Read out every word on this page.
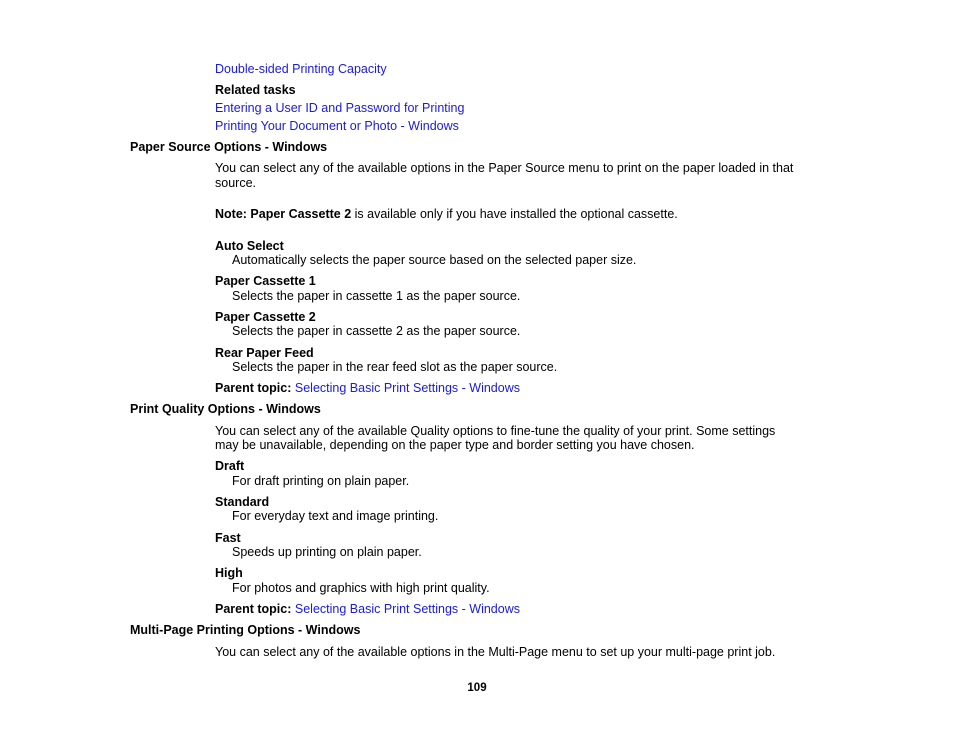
Double-sided Printing Capacity
Related tasks
Entering a User ID and Password for Printing
Printing Your Document or Photo - Windows
Paper Source Options - Windows
You can select any of the available options in the Paper Source menu to print on the paper loaded in that
source.
Note: Paper Cassette 2 is available only if you have installed the optional cassette.
Auto Select
Automatically selects the paper source based on the selected paper size.
Paper Cassette 1
Selects the paper in cassette 1 as the paper source.
Paper Cassette 2
Selects the paper in cassette 2 as the paper source.
Rear Paper Feed
Selects the paper in the rear feed slot as the paper source.
Parent topic: Selecting Basic Print Settings - Windows
Print Quality Options - Windows
You can select any of the available Quality options to fine-tune the quality of your print. Some settings
may be unavailable, depending on the paper type and border setting you have chosen.
Draft
For draft printing on plain paper.
Standard
For everyday text and image printing.
Fast
Speeds up printing on plain paper.
High
For photos and graphics with high print quality.
Parent topic: Selecting Basic Print Settings - Windows
Multi-Page Printing Options - Windows
You can select any of the available options in the Multi-Page menu to set up your multi-page print job.
109
